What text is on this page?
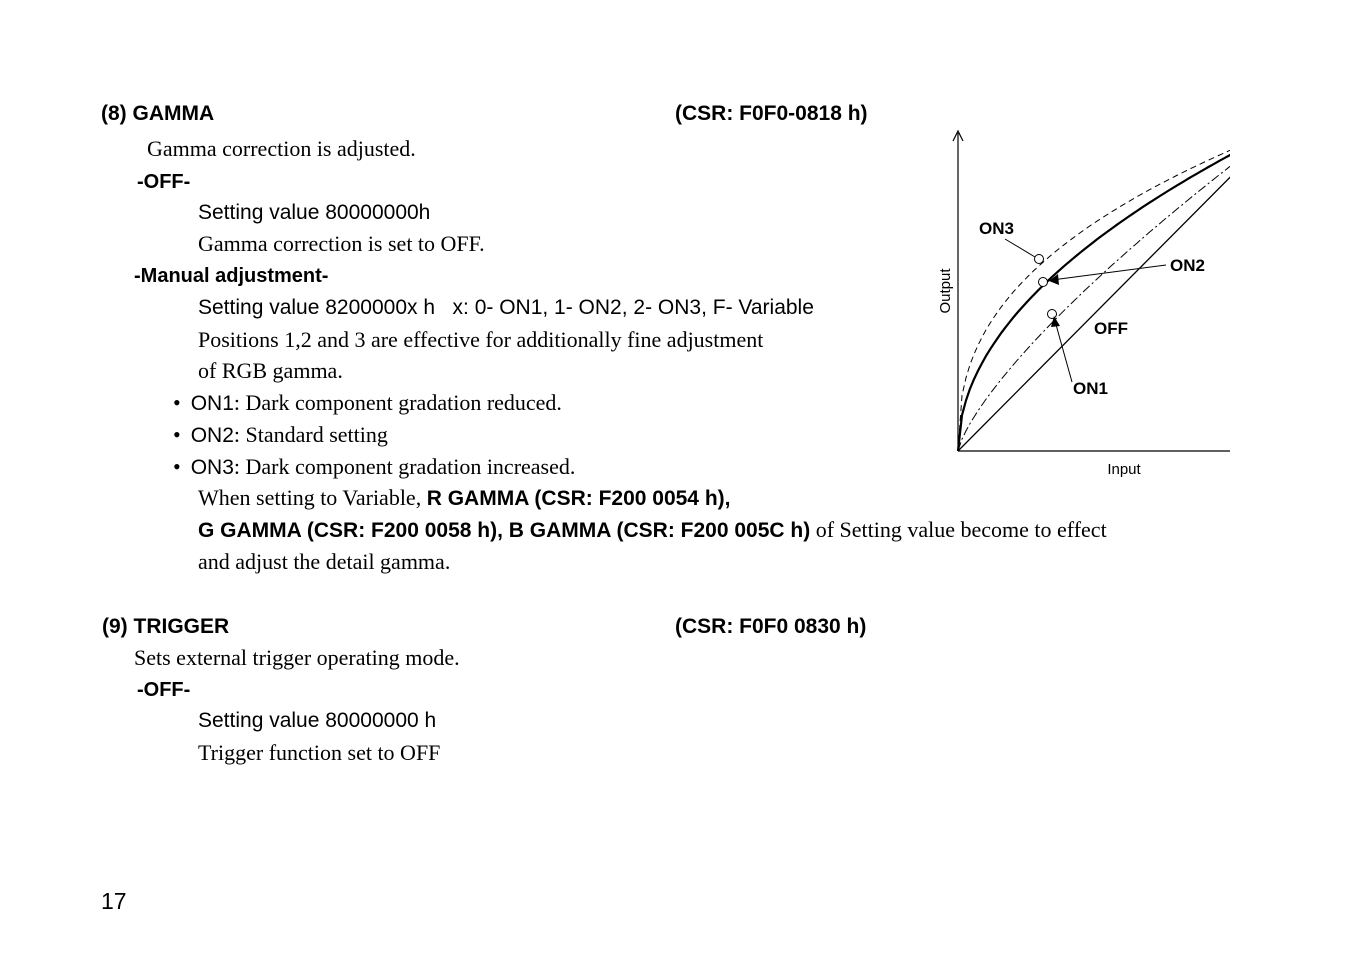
(8) GAMMA	(CSR: F0F0-0818 h)
Gamma correction is adjusted.
-OFF-
Setting value 80000000h
Gamma correction is set to OFF.
-Manual adjustment-
Setting value 8200000x h   x: 0- ON1, 1- ON2, 2- ON3, F- Variable
Positions 1,2 and 3 are effective for additionally fine adjustment
of RGB gamma.
• ON1: Dark component gradation reduced.
• ON2: Standard setting
• ON3: Dark component gradation increased.
When setting to Variable, R GAMMA (CSR: F200 0054 h),
G GAMMA (CSR: F200 0058 h), B GAMMA (CSR: F200 005C h) of Setting value become to effect
and adjust the detail gamma.
ON3
ON2
OFF
ON1
Input
Output
(9) TRIGGER	(CSR: F0F0 0830 h)
Sets external trigger operating mode.
-OFF-
Setting value 80000000 h
Trigger function set to OFF
17
